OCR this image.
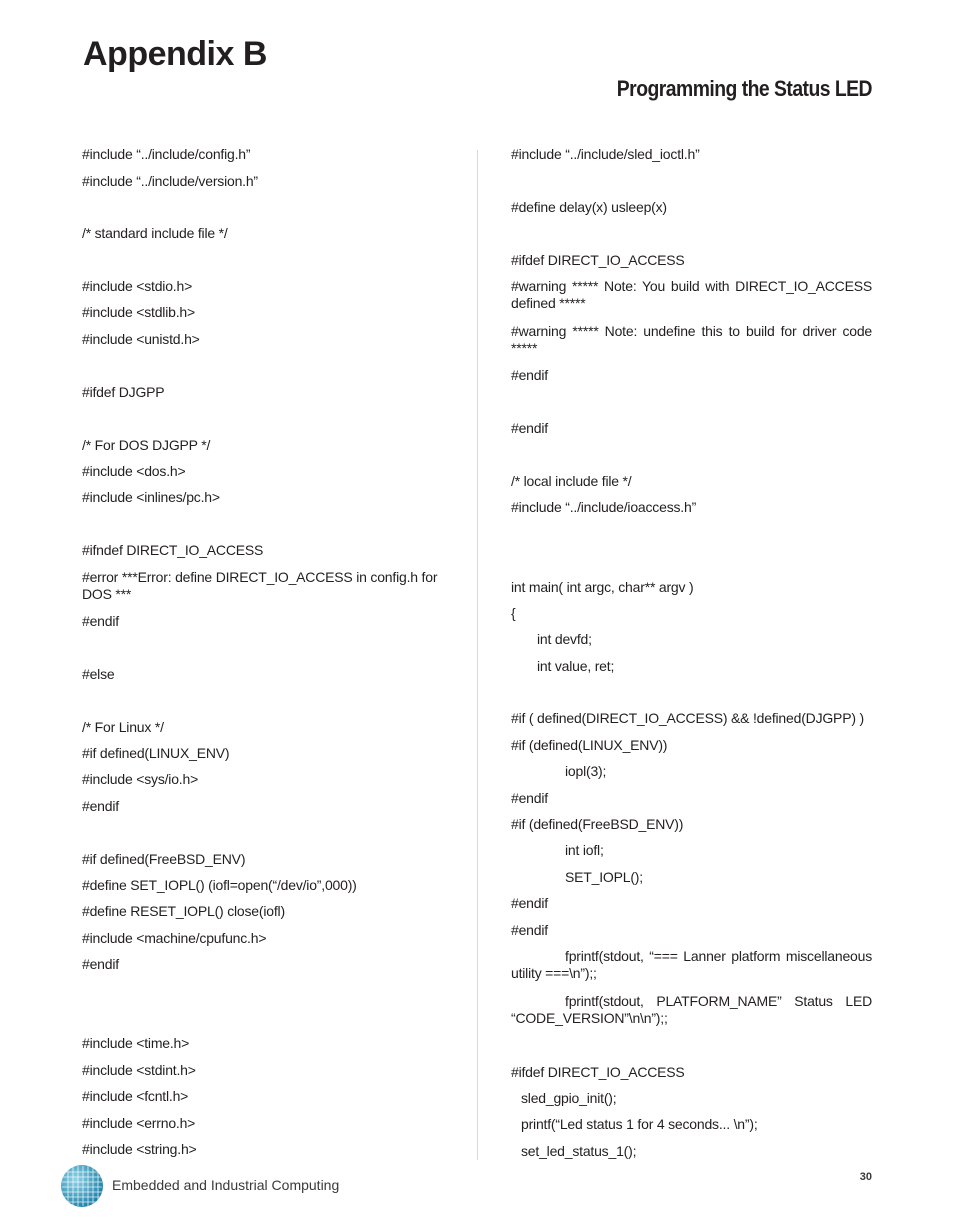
Appendix B
Programming the Status LED
#include “../include/config.h”
#include “../include/version.h”
/* standard include file */
#include <stdio.h>
#include <stdlib.h>
#include <unistd.h>
#ifdef DJGPP
/* For DOS DJGPP */
#include <dos.h>
#include <inlines/pc.h>
#ifndef DIRECT_IO_ACCESS
#error ***Error: define DIRECT_IO_ACCESS in config.h for DOS ***
#endif
#else
/* For Linux */
#if defined(LINUX_ENV)
#include <sys/io.h>
#endif
#if defined(FreeBSD_ENV)
#define SET_IOPL() (iofl=open(“/dev/io”,000))
#define RESET_IOPL() close(iofl)
#include <machine/cpufunc.h>
#endif
#include <time.h>
#include <stdint.h>
#include <fcntl.h>
#include <errno.h>
#include <string.h>
#include “../include/sled_ioctl.h”
#define delay(x) usleep(x)
#ifdef DIRECT_IO_ACCESS
#warning ***** Note: You build with DIRECT_IO_ACCESS defined *****
#warning ***** Note: undefine this to build for driver code *****
#endif
#endif
/* local include file */
#include “../include/ioaccess.h”
int main( int argc, char** argv )
{
int devfd;
int value, ret;
#if ( defined(DIRECT_IO_ACCESS) && !defined(DJGPP) )
#if (defined(LINUX_ENV))
iopl(3);
#endif
#if (defined(FreeBSD_ENV))
int iofl;
SET_IOPL();
#endif
#endif
fprintf(stdout, “=== Lanner platform miscellaneous utility ===\n”);;
fprintf(stdout, PLATFORM_NAME” Status LED “CODE_VERSION”\n\n”);;
#ifdef DIRECT_IO_ACCESS
sled_gpio_init();
printf(“Led status 1 for 4 seconds... \n”);
set_led_status_1();
Embedded and Industrial Computing	30
